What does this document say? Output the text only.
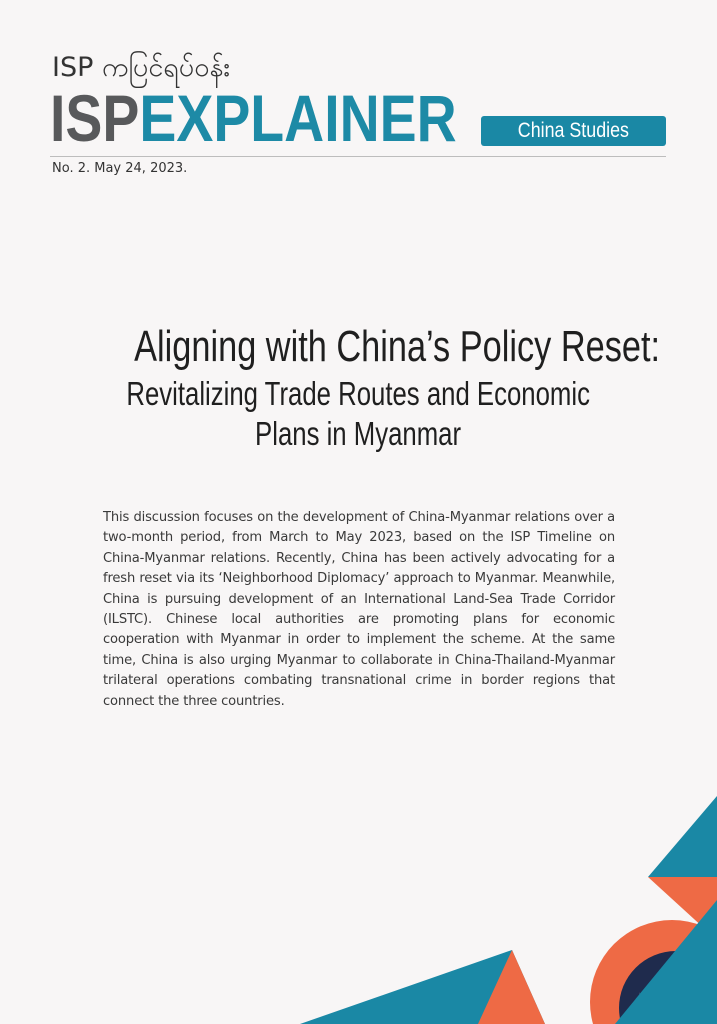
ISP ကပြင်ရပ်ဝန်း
ISPEXPLAINER	China Studies
No. 2. May 24, 2023.
Aligning with China’s Policy Reset:
Revitalizing Trade Routes and Economic
Plans in Myanmar
This discussion focuses on the development of China-Myanmar relations over a two-month period, from March to May 2023, based on the ISP Timeline on China-Myanmar relations. Recently, China has been actively advocating for a fresh reset via its ‘Neighborhood Diplomacy’ approach to Myanmar. Meanwhile, China is pursuing development of an International Land-Sea Trade Corridor (ILSTC). Chinese local authorities are promoting plans for economic cooperation with Myanmar in order to implement the scheme. At the same time, China is also urging Myanmar to collaborate in China-Thailand-Myanmar trilateral operations combating transnational crime in border regions that connect the three countries.
